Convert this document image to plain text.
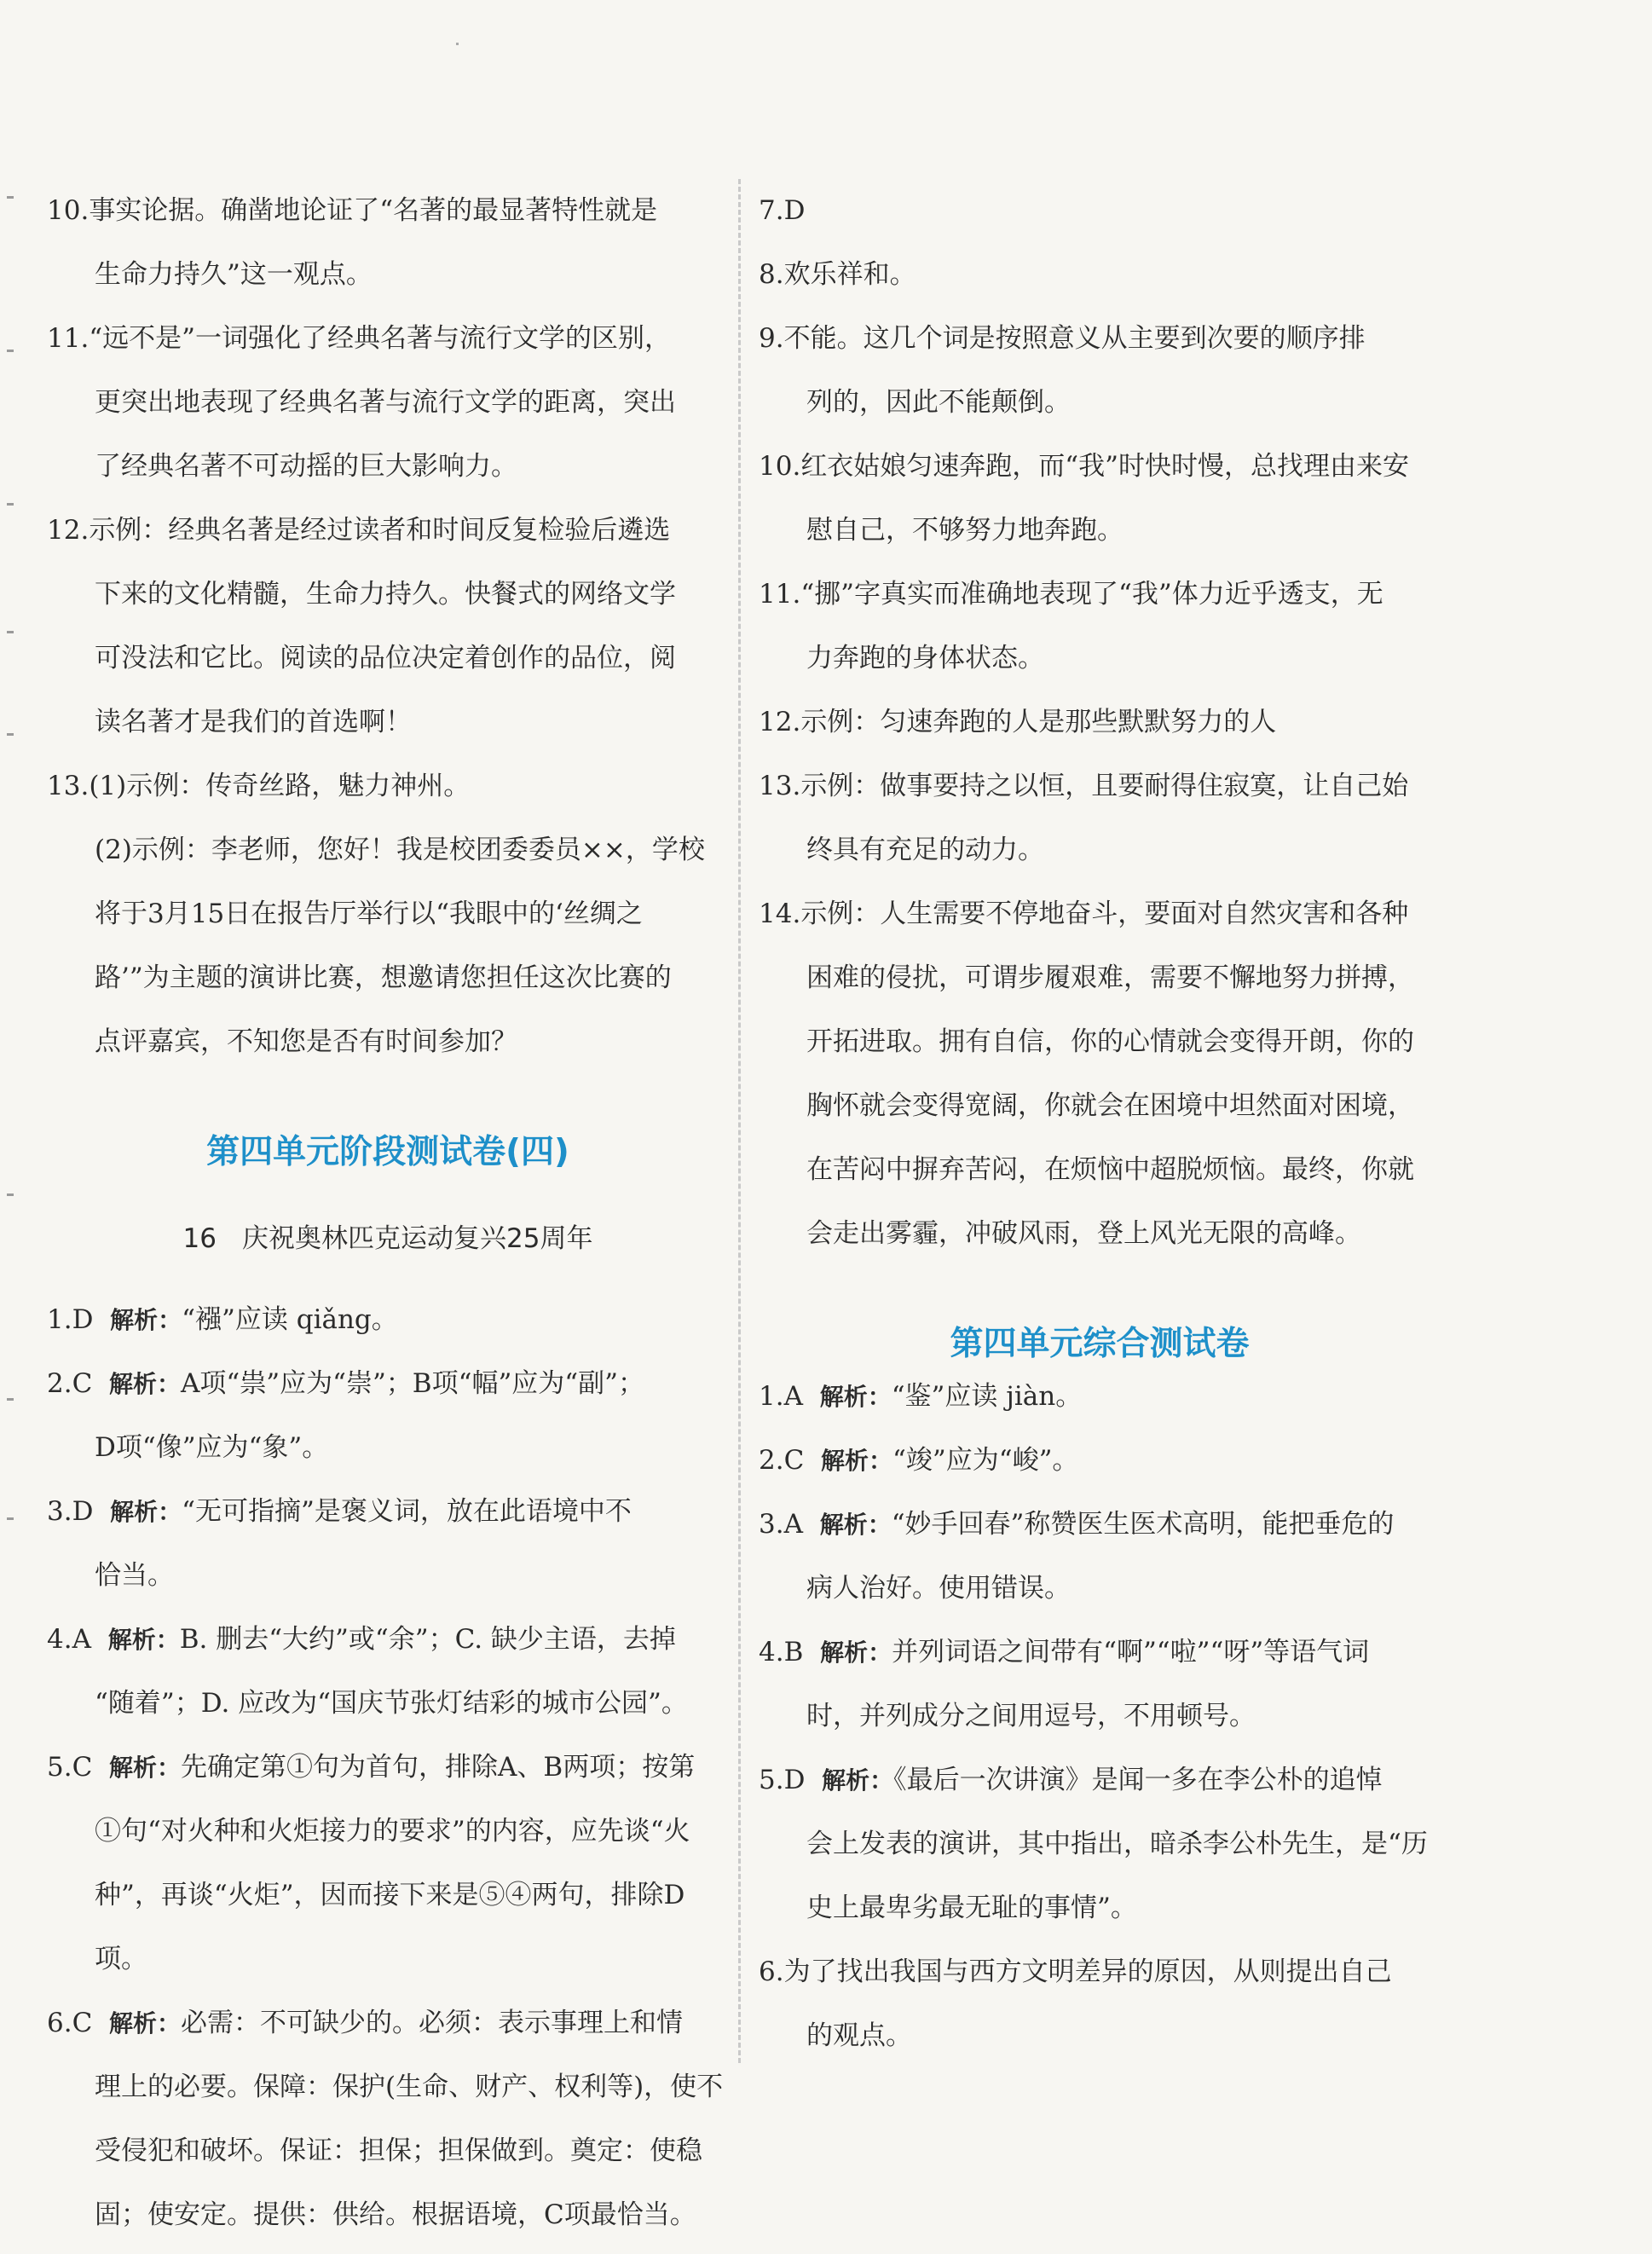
10.事实论据。确凿地论证了“名著的最显著特性就是

生命力持久”这一观点。

11.“远不是”一词强化了经典名著与流行文学的区别，

更突出地表现了经典名著与流行文学的距离，突出

了经典名著不可动摇的巨大影响力。

12.示例：经典名著是经过读者和时间反复检验后遴选

下来的文化精髓，生命力持久。快餐式的网络文学

可没法和它比。阅读的品位决定着创作的品位，阅

读名著才是我们的首选啊！

13.(1)示例：传奇丝路，魅力神州。

(2)示例：李老师，您好！我是校团委委员××，学校

将于3月15日在报告厅举行以“我眼中的‘丝绸之

路’”为主题的演讲比赛，想邀请您担任这次比赛的

点评嘉宾，不知您是否有时间参加？

第四单元阶段测试卷(四)

16 庆祝奥林匹克运动复兴25周年

1.D 解析：“襁”应读 qiǎng。

2.C 解析：A项“祟”应为“崇”；B项“幅”应为“副”；

D项“像”应为“象”。

3.D 解析：“无可指摘”是褒义词，放在此语境中不

恰当。

4.A 解析：B. 删去“大约”或“余”；C. 缺少主语，去掉

“随着”；D. 应改为“国庆节张灯结彩的城市公园”。

5.C 解析：先确定第①句为首句，排除A、B两项；按第

①句“对火种和火炬接力的要求”的内容，应先谈“火

种”，再谈“火炬”，因而接下来是⑤④两句，排除D项。

6.C 解析：必需：不可缺少的。必须：表示事理上和情

理上的必要。保障：保护(生命、财产、权利等)，使不

受侵犯和破坏。保证：担保；担保做到。奠定：使稳

固；使安定。提供：供给。根据语境，C项最恰当。

7.D

8.欢乐祥和。

9.不能。这几个词是按照意义从主要到次要的顺序排

列的，因此不能颠倒。

10.红衣姑娘匀速奔跑，而“我”时快时慢，总找理由来安

慰自己，不够努力地奔跑。

11.“挪”字真实而准确地表现了“我”体力近乎透支，无

力奔跑的身体状态。

12.示例：匀速奔跑的人是那些默默努力的人

13.示例：做事要持之以恒，且要耐得住寂寞，让自己始

终具有充足的动力。

14.示例：人生需要不停地奋斗，要面对自然灾害和各种

困难的侵扰，可谓步履艰难，需要不懈地努力拼搏，

开拓进取。拥有自信，你的心情就会变得开朗，你的

胸怀就会变得宽阔，你就会在困境中坦然面对困境，

在苦闷中摒弃苦闷，在烦恼中超脱烦恼。最终，你就

会走出雾霾，冲破风雨，登上风光无限的高峰。

第四单元综合测试卷

1.A 解析：“鉴”应读 jiàn。

2.C 解析：“竣”应为“峻”。

3.A 解析：“妙手回春”称赞医生医术高明，能把垂危的

病人治好。使用错误。

4.B 解析：并列词语之间带有“啊”“啦”“呀”等语气词

时，并列成分之间用逗号，不用顿号。

5.D 解析：《最后一次讲演》是闻一多在李公朴的追悼

会上发表的演讲，其中指出，暗杀李公朴先生，是“历

史上最卑劣最无耻的事情”。

6.为了找出我国与西方文明差异的原因，从则提出自己

的观点。
